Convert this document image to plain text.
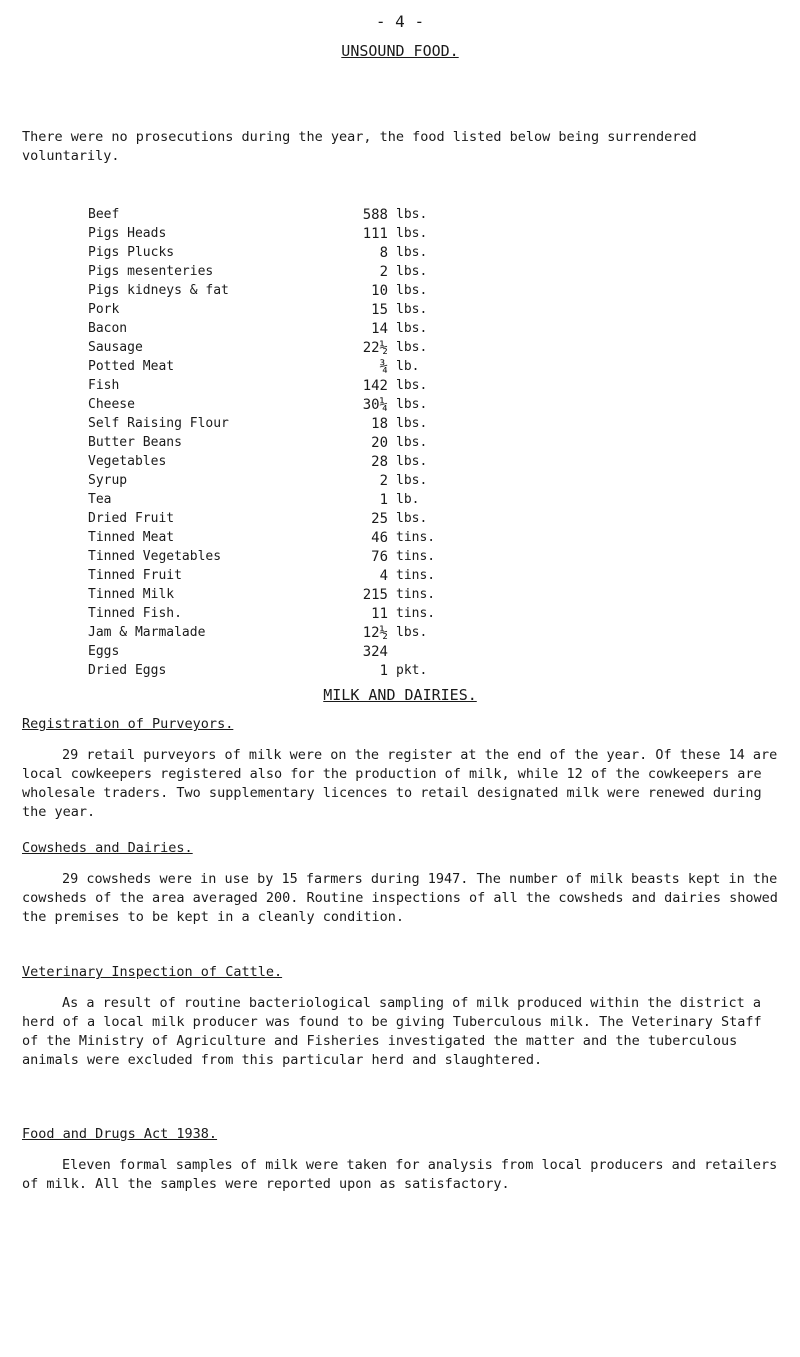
- 4 -
UNSOUND FOOD.
There were no prosecutions during the year, the food listed below being surrendered voluntarily.
Beef	588 lbs.
Pigs Heads	111 lbs.
Pigs Plucks	8 lbs.
Pigs mesenteries	2 lbs.
Pigs kidneys & fat	10 lbs.
Pork	15 lbs.
Bacon	14 lbs.
Sausage	22½ lbs.
Potted Meat	¾ lb.
Fish	142 lbs.
Cheese	30¼ lbs.
Self Raising Flour	18 lbs.
Butter Beans	20 lbs.
Vegetables	28 lbs.
Syrup	2 lbs.
Tea	1 lb.
Dried Fruit	25 lbs.
Tinned Meat	46 tins.
Tinned Vegetables	76 tins.
Tinned Fruit	4 tins.
Tinned Milk	215 tins.
Tinned Fish.	11 tins.
Jam & Marmalade	12½ lbs.
Eggs	324
Dried Eggs	1 pkt.
MILK AND DAIRIES.
Registration of Purveyors.
29 retail purveyors of milk were on the register at the end of the year. Of these 14 are local cowkeepers registered also for the production of milk, while 12 of the cowkeepers are wholesale traders. Two supplementary licences to retail designated milk were renewed during the year.
Cowsheds and Dairies.
29 cowsheds were in use by 15 farmers during 1947. The number of milk beasts kept in the cowsheds of the area averaged 200. Routine inspections of all the cowsheds and dairies showed the premises to be kept in a cleanly condition.
Veterinary Inspection of Cattle.
As a result of routine bacteriological sampling of milk produced within the district a herd of a local milk producer was found to be giving Tuberculous milk. The Veterinary Staff of the Ministry of Agriculture and Fisheries investigated the matter and the tuberculous animals were excluded from this particular herd and slaughtered.
Food and Drugs Act 1938.
Eleven formal samples of milk were taken for analysis from local producers and retailers of milk. All the samples were reported upon as satisfactory.
